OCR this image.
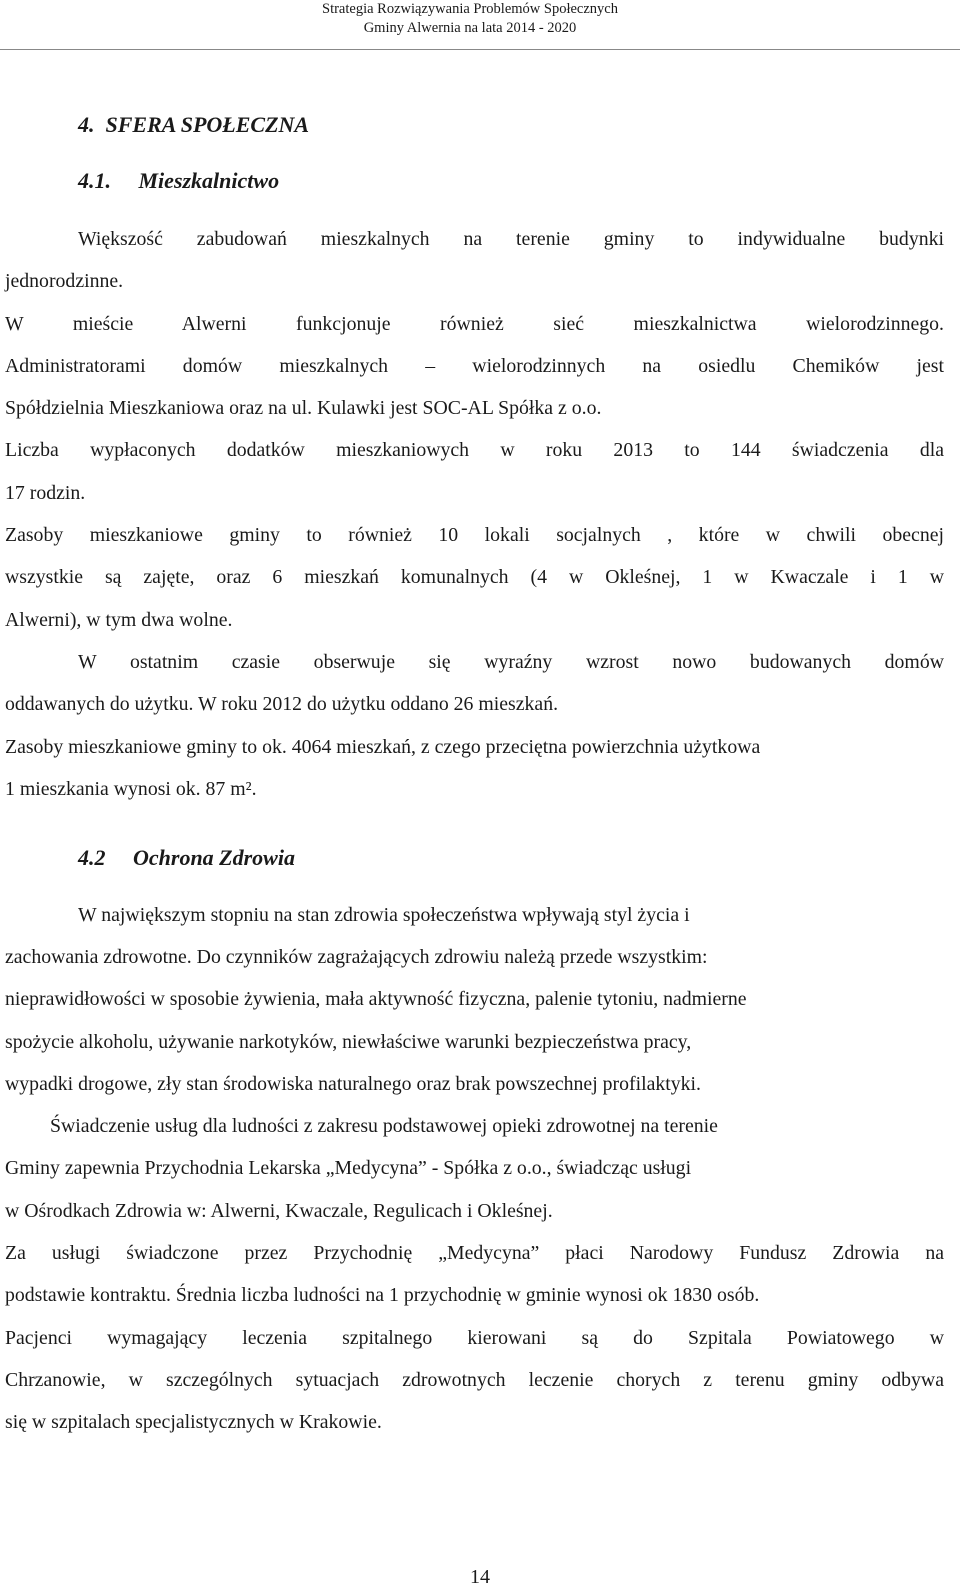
Strategia Rozwiązywania Problemów Społecznych
Gminy Alwernia na lata 2014 - 2020
4. SFERA SPOŁECZNA
4.1. Mieszkalnictwo
Większość zabudowań mieszkalnych na terenie gminy to indywidualne budynki
jednorodzinne.
W mieście Alwerni funkcjonuje również sieć mieszkalnictwa wielorodzinnego.
Administratorami domów mieszkalnych – wielorodzinnych na osiedlu Chemików jest
Spółdzielnia Mieszkaniowa oraz na ul. Kulawki jest SOC-AL Spółka z o.o.
Liczba wypłaconych dodatków mieszkaniowych w roku 2013 to 144 świadczenia dla
17 rodzin.
Zasoby mieszkaniowe gminy to również 10 lokali socjalnych , które w chwili obecnej
wszystkie są zajęte, oraz 6 mieszkań komunalnych (4 w Okleśnej, 1 w Kwaczale i 1 w
Alwerni), w tym dwa wolne.
W ostatnim czasie obserwuje się wyraźny wzrost nowo budowanych domów
oddawanych do użytku. W roku 2012 do użytku oddano 26 mieszkań.
Zasoby mieszkaniowe gminy to ok. 4064 mieszkań, z czego przeciętna powierzchnia użytkowa
1 mieszkania wynosi ok. 87 m².
4.2 Ochrona Zdrowia
W największym stopniu na stan zdrowia społeczeństwa wpływają styl życia i
zachowania zdrowotne. Do czynników zagrażających zdrowiu należą przede wszystkim:
nieprawidłowości w sposobie żywienia, mała aktywność fizyczna, palenie tytoniu, nadmierne
spożycie alkoholu, używanie narkotyków, niewłaściwe warunki bezpieczeństwa pracy,
wypadki drogowe, zły stan środowiska naturalnego oraz brak powszechnej profilaktyki.
Świadczenie usług dla ludności z zakresu podstawowej opieki zdrowotnej na terenie
Gminy zapewnia Przychodnia Lekarska „Medycyna” - Spółka z o.o., świadcząc usługi
w Ośrodkach Zdrowia w: Alwerni, Kwaczale, Regulicach i Okleśnej.
Za usługi świadczone przez Przychodnię „Medycyna” płaci Narodowy Fundusz Zdrowia na
podstawie kontraktu. Średnia liczba ludności na 1 przychodnię w gminie wynosi ok 1830 osób.
Pacjenci wymagający leczenia szpitalnego kierowani są do Szpitala Powiatowego w
Chrzanowie, w szczególnych sytuacjach zdrowotnych leczenie chorych z terenu gminy odbywa
się w szpitalach specjalistycznych w Krakowie.
14
